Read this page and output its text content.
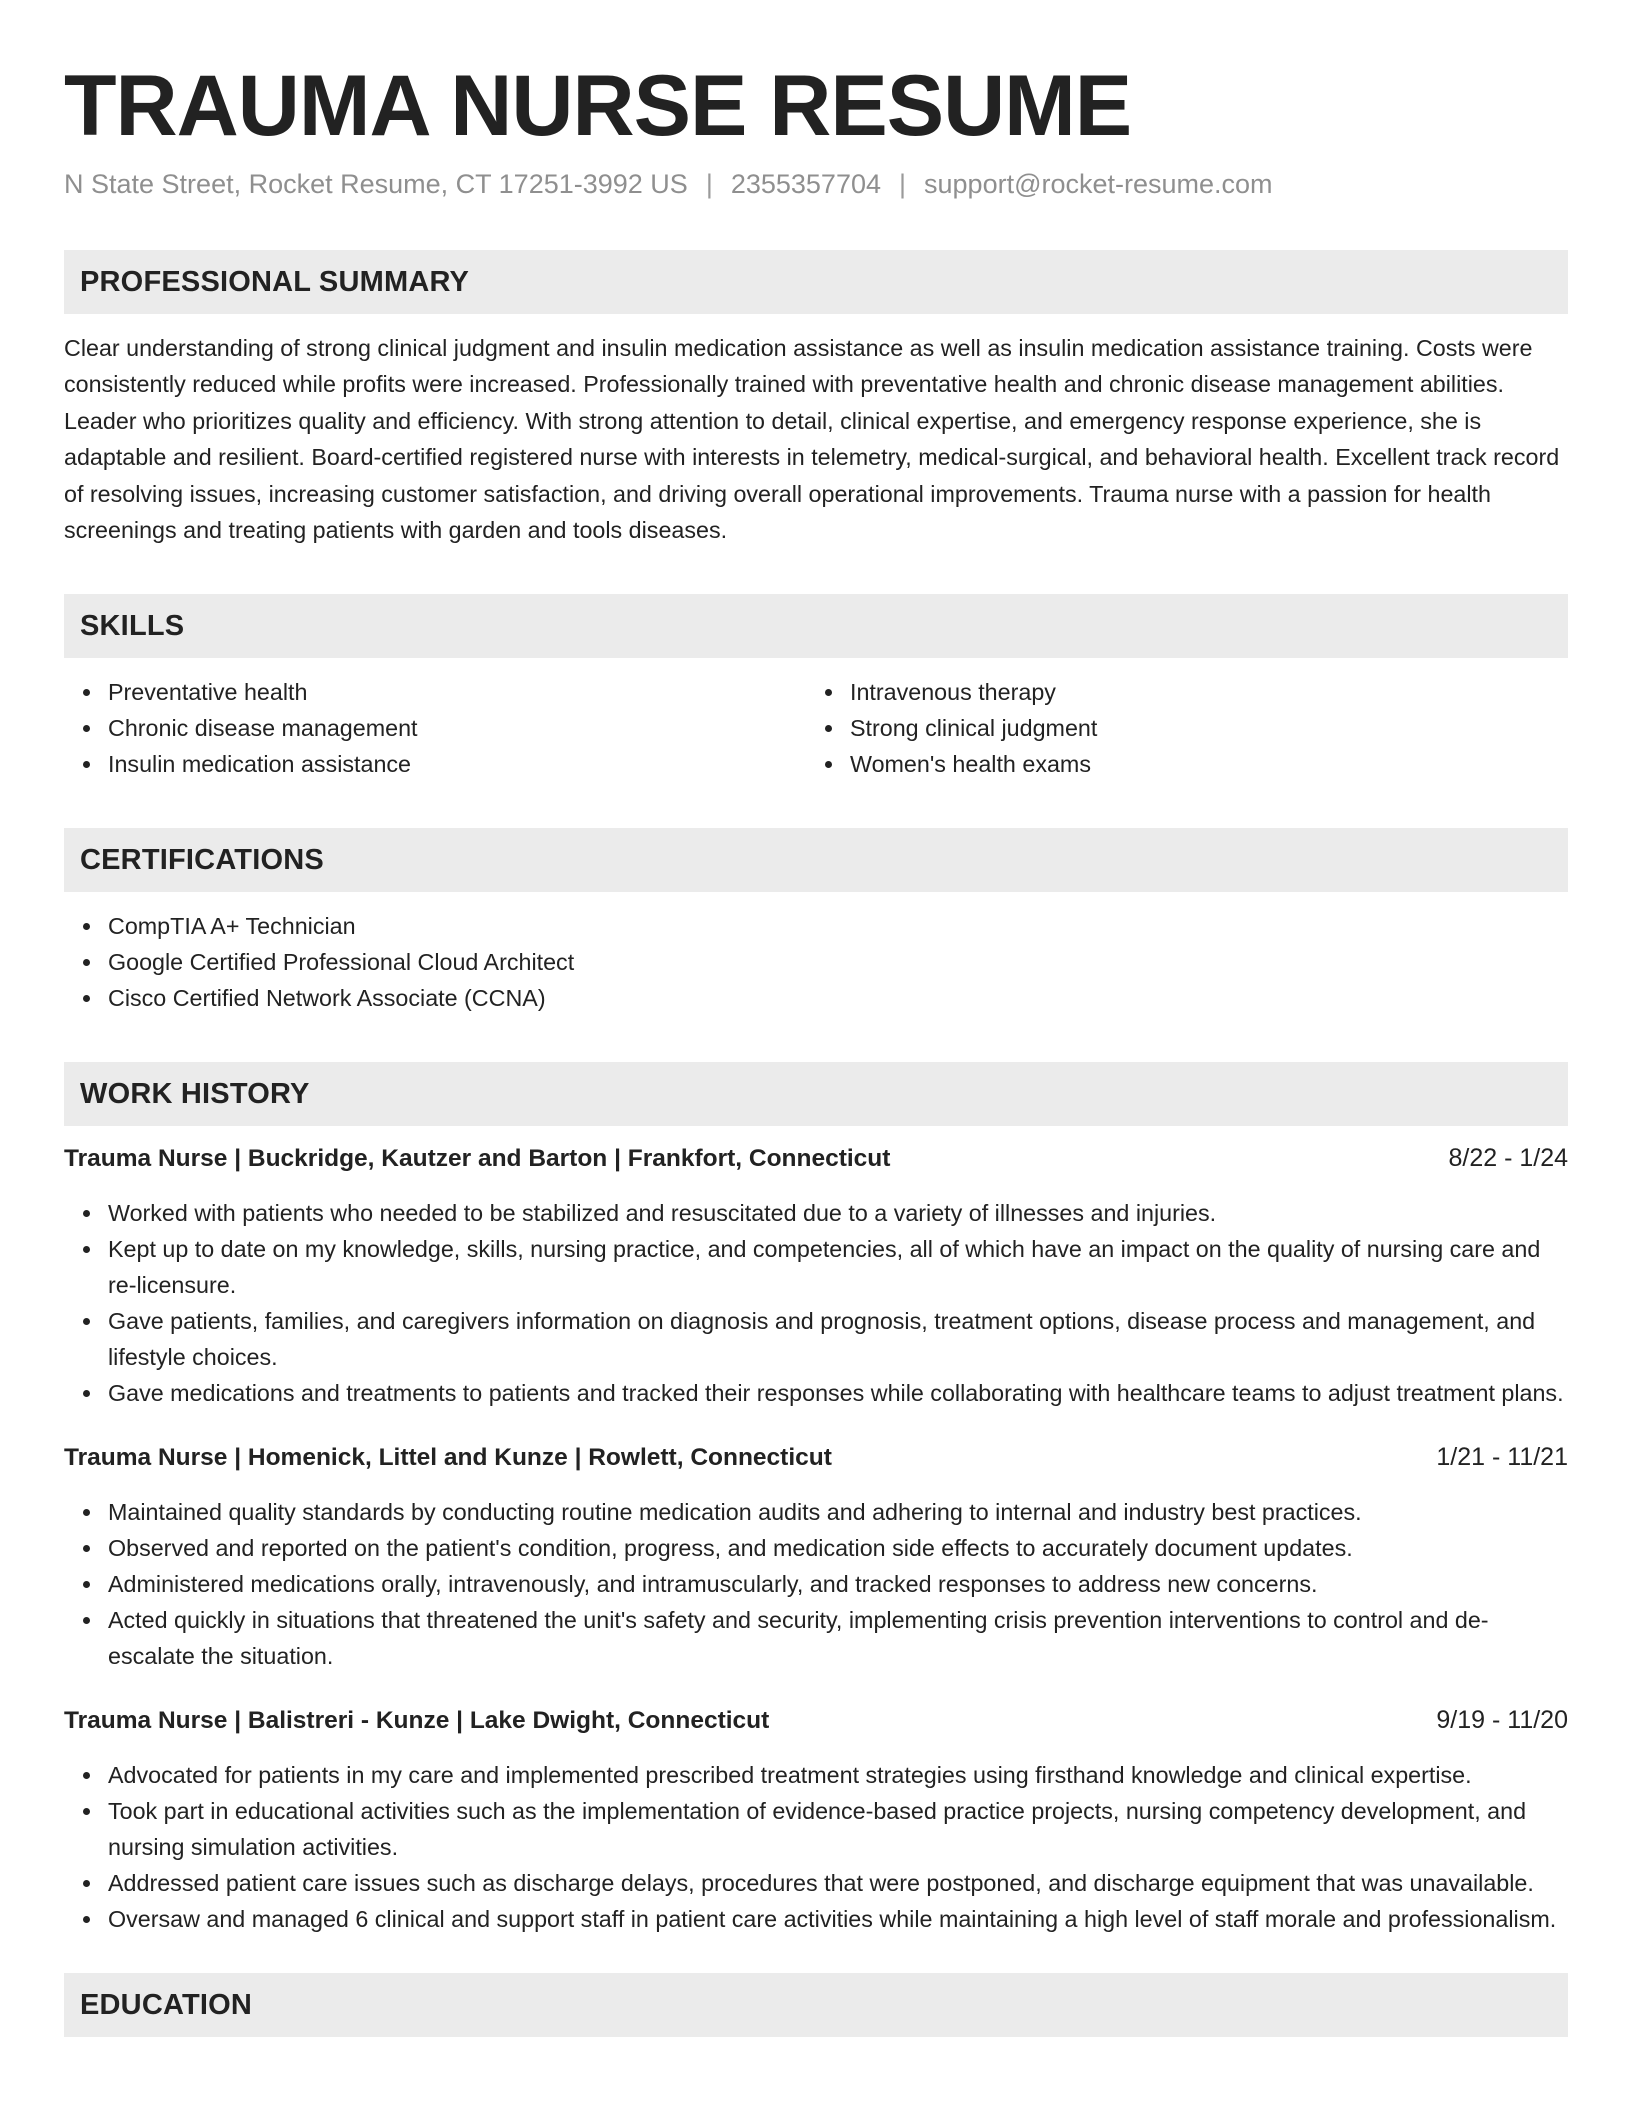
TRAUMA NURSE RESUME
N State Street, Rocket Resume, CT 17251-3992 US | 2355357704 | support@rocket-resume.com
PROFESSIONAL SUMMARY

Clear understanding of strong clinical judgment and insulin medication assistance as well as insulin medication assistance training. Costs were consistently reduced while profits were increased. Professionally trained with preventative health and chronic disease management abilities. Leader who prioritizes quality and efficiency. With strong attention to detail, clinical expertise, and emergency response experience, she is adaptable and resilient. Board-certified registered nurse with interests in telemetry, medical-surgical, and behavioral health. Excellent track record of resolving issues, increasing customer satisfaction, and driving overall operational improvements. Trauma nurse with a passion for health screenings and treating patients with garden and tools diseases.

SKILLS
Preventative health
Chronic disease management
Insulin medication assistance
Intravenous therapy
Strong clinical judgment
Women's health exams
CERTIFICATIONS
CompTIA A+ Technician
Google Certified Professional Cloud Architect
Cisco Certified Network Associate (CCNA)
WORK HISTORY
Trauma Nurse | Buckridge, Kautzer and Barton | Frankfort, Connecticut	8/22 - 1/24
Worked with patients who needed to be stabilized and resuscitated due to a variety of illnesses and injuries.
Kept up to date on my knowledge, skills, nursing practice, and competencies, all of which have an impact on the quality of nursing care and re-licensure.
Gave patients, families, and caregivers information on diagnosis and prognosis, treatment options, disease process and management, and lifestyle choices.
Gave medications and treatments to patients and tracked their responses while collaborating with healthcare teams to adjust treatment plans.
Trauma Nurse | Homenick, Littel and Kunze | Rowlett, Connecticut	1/21 - 11/21
Maintained quality standards by conducting routine medication audits and adhering to internal and industry best practices.
Observed and reported on the patient's condition, progress, and medication side effects to accurately document updates.
Administered medications orally, intravenously, and intramuscularly, and tracked responses to address new concerns.
Acted quickly in situations that threatened the unit's safety and security, implementing crisis prevention interventions to control and de-escalate the situation.
Trauma Nurse | Balistreri - Kunze | Lake Dwight, Connecticut	9/19 - 11/20
Advocated for patients in my care and implemented prescribed treatment strategies using firsthand knowledge and clinical expertise.
Took part in educational activities such as the implementation of evidence-based practice projects, nursing competency development, and nursing simulation activities.
Addressed patient care issues such as discharge delays, procedures that were postponed, and discharge equipment that was unavailable.
Oversaw and managed 6 clinical and support staff in patient care activities while maintaining a high level of staff morale and professionalism.
EDUCATION
